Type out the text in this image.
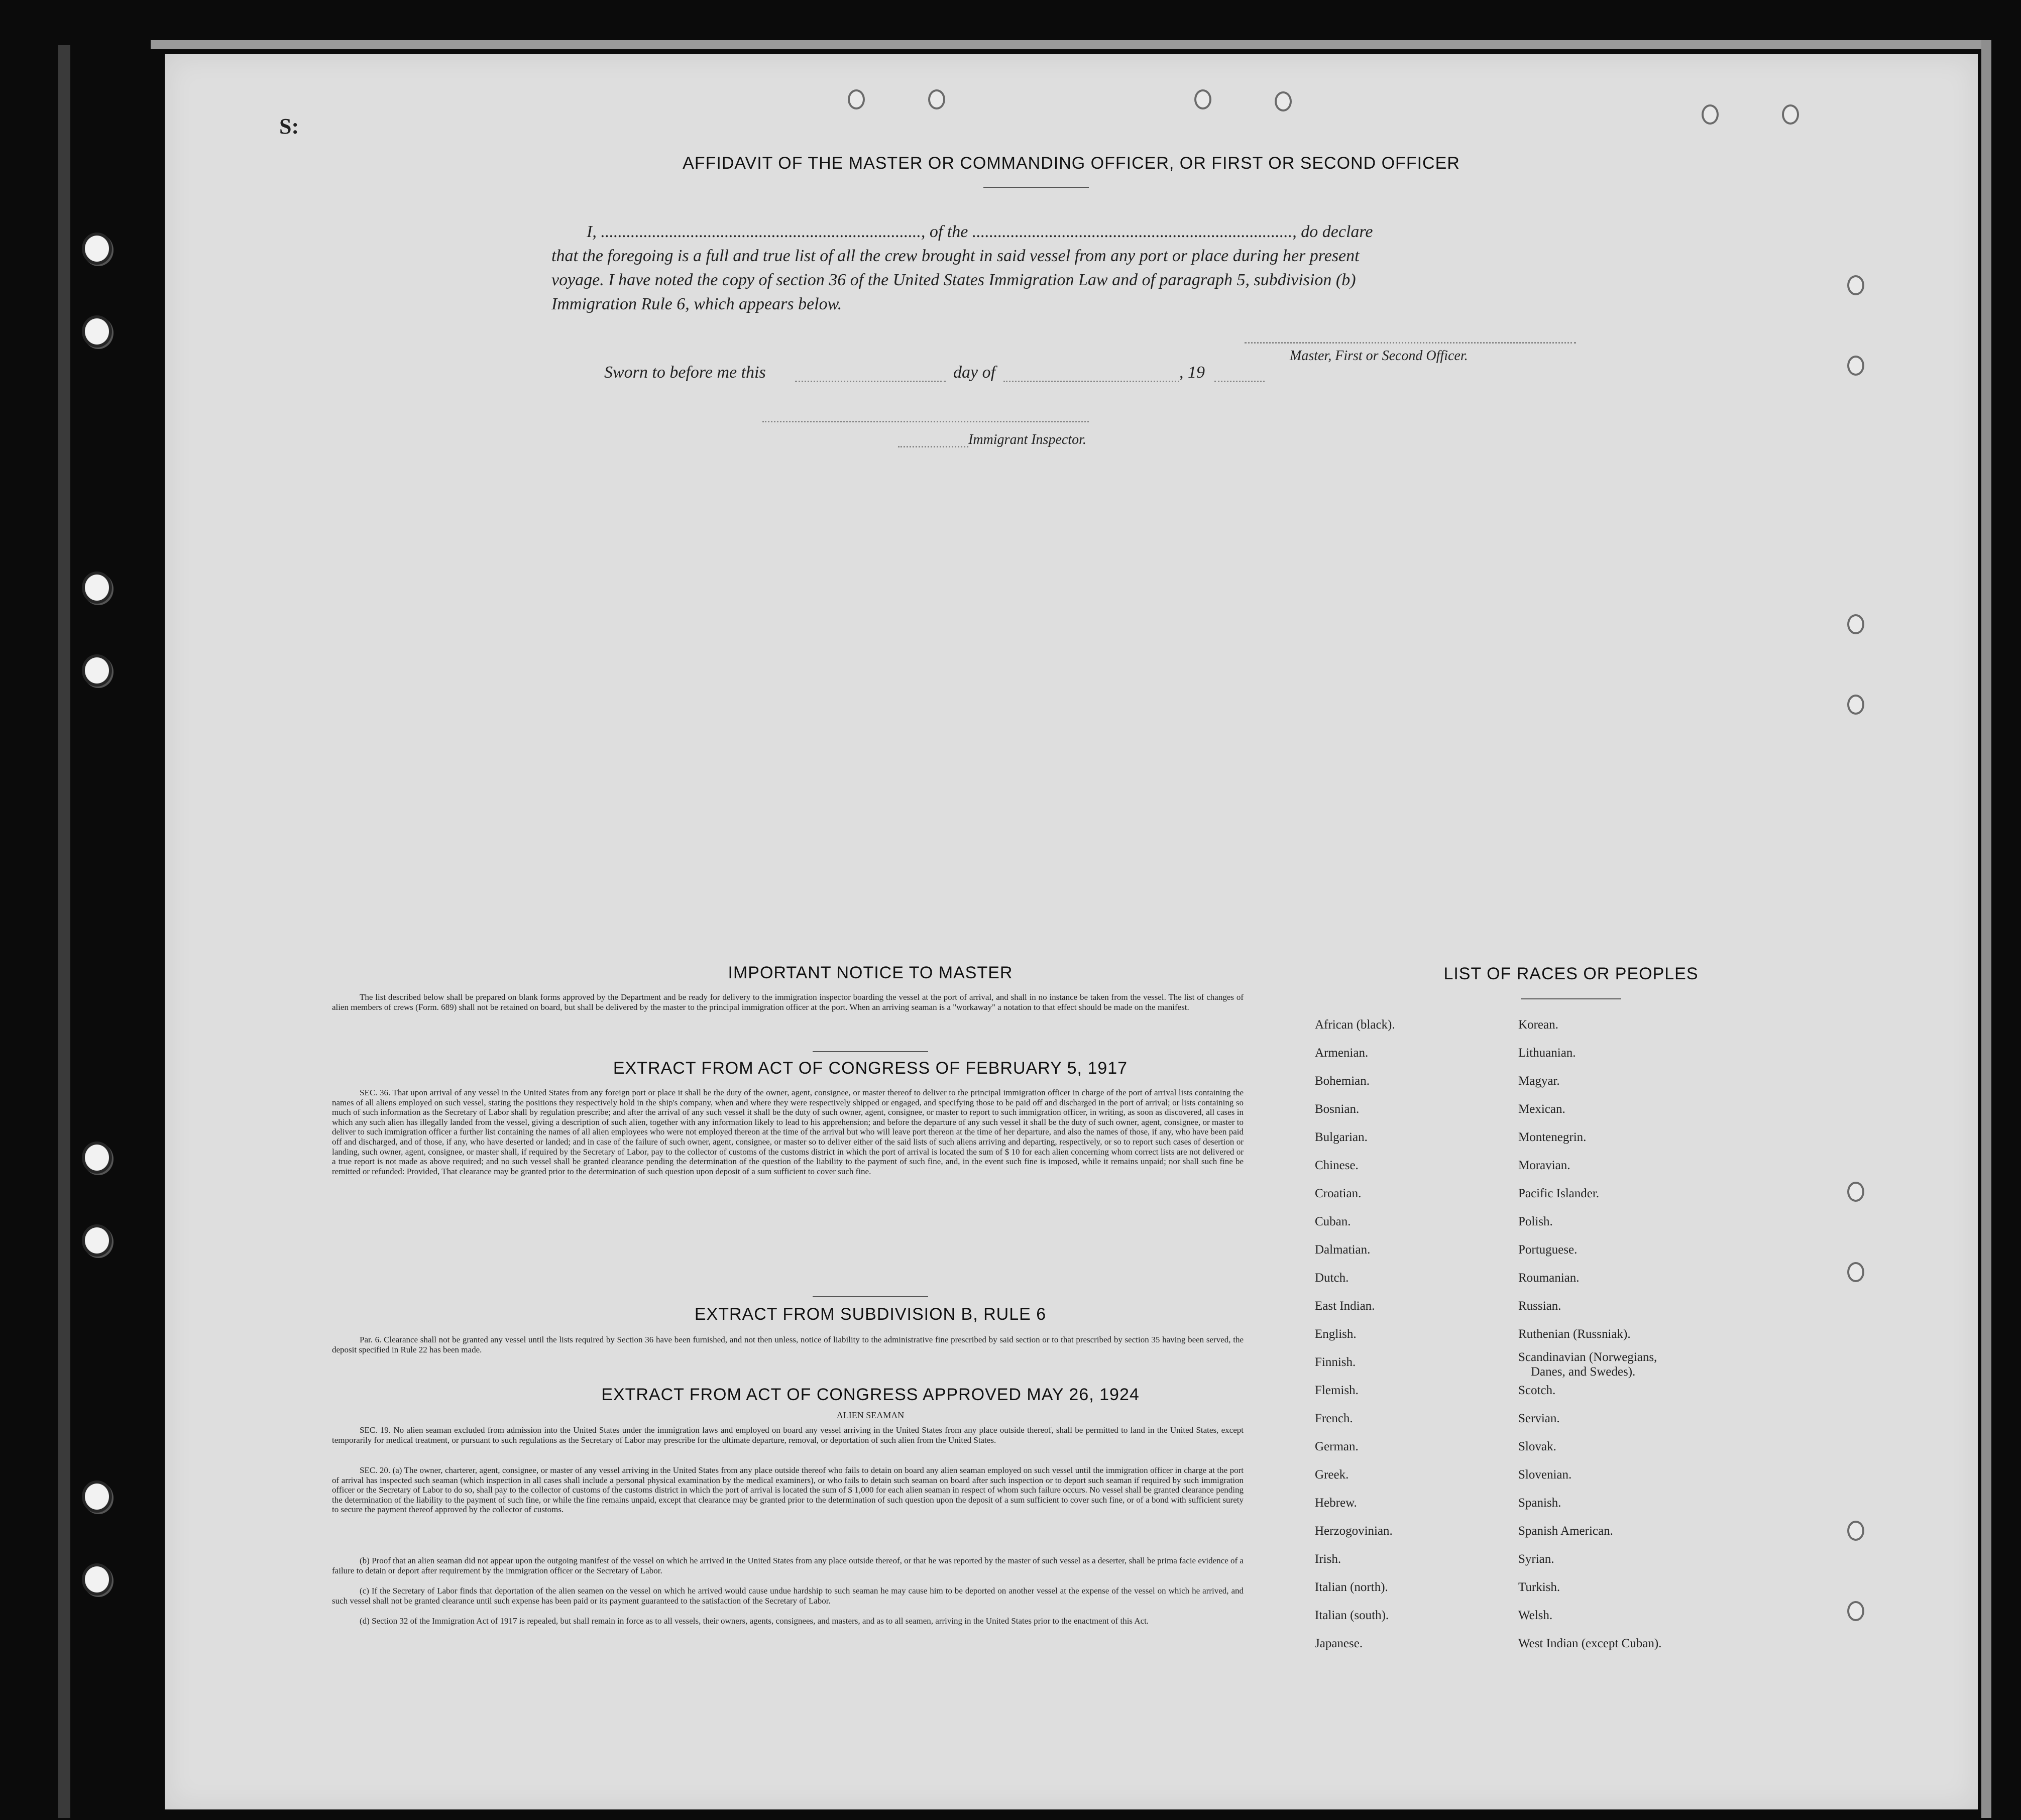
S:
AFFIDAVIT OF THE MASTER OR COMMANDING OFFICER, OR FIRST OR SECOND OFFICER
I, ..........................................................................., of the ..........................................................................., do declare
that the foregoing is a full and true list of all the crew brought in said vessel from any port or place during her present
voyage. I have noted the copy of section 36 of the United States Immigration Law and of paragraph 5, subdivision (b)
Immigration Rule 6, which appears below.
Master, First or Second Officer.
Sworn to before me this	day of	, 19
Immigrant Inspector.
IMPORTANT NOTICE TO MASTER
The list described below shall be prepared on blank forms approved by the Department and be ready for delivery to the immigration inspector boarding the vessel at the port of arrival, and shall in no instance be taken from the vessel. The list of changes of alien members of crews (Form. 689) shall not be retained on board, but shall be delivered by the master to the principal immigration officer at the port. When an arriving seaman is a "workaway" a notation to that effect should be made on the manifest.
EXTRACT FROM ACT OF CONGRESS OF FEBRUARY 5, 1917
SEC. 36. That upon arrival of any vessel in the United States from any foreign port or place it shall be the duty of the owner, agent, consignee, or master thereof to deliver to the principal immigration officer in charge of the port of arrival lists containing the names of all aliens employed on such vessel, stating the positions they respectively hold in the ship's company, when and where they were respectively shipped or engaged, and specifying those to be paid off and discharged in the port of arrival; or lists containing so much of such information as the Secretary of Labor shall by regulation prescribe; and after the arrival of any such vessel it shall be the duty of such owner, agent, consignee, or master to report to such immigration officer, in writing, as soon as discovered, all cases in which any such alien has illegally landed from the vessel, giving a description of such alien, together with any information likely to lead to his apprehension; and before the departure of any such vessel it shall be the duty of such owner, agent, consignee, or master to deliver to such immigration officer a further list containing the names of all alien employees who were not employed thereon at the time of the arrival but who will leave port thereon at the time of her departure, and also the names of those, if any, who have been paid off and discharged, and of those, if any, who have deserted or landed; and in case of the failure of such owner, agent, consignee, or master so to deliver either of the said lists of such aliens arriving and departing, respectively, or so to report such cases of desertion or landing, such owner, agent, consignee, or master shall, if required by the Secretary of Labor, pay to the collector of customs of the customs district in which the port of arrival is located the sum of $ 10 for each alien concerning whom correct lists are not delivered or a true report is not made as above required; and no such vessel shall be granted clearance pending the determination of the question of the liability to the payment of such fine, and, in the event such fine is imposed, while it remains unpaid; nor shall such fine be remitted or refunded: Provided, That clearance may be granted prior to the determination of such question upon deposit of a sum sufficient to cover such fine.
EXTRACT FROM SUBDIVISION B, RULE 6
Par. 6. Clearance shall not be granted any vessel until the lists required by Section 36 have been furnished, and not then unless, notice of liability to the administrative fine prescribed by said section or to that prescribed by section 35 having been served, the deposit specified in Rule 22 has been made.
EXTRACT FROM ACT OF CONGRESS APPROVED MAY 26, 1924
ALIEN SEAMAN
SEC. 19. No alien seaman excluded from admission into the United States under the immigration laws and employed on board any vessel arriving in the United States from any place outside thereof, shall be permitted to land in the United States, except temporarily for medical treatment, or pursuant to such regulations as the Secretary of Labor may prescribe for the ultimate departure, removal, or deportation of such alien from the United States.
SEC. 20. (a) The owner, charterer, agent, consignee, or master of any vessel arriving in the United States from any place outside thereof who fails to detain on board any alien seaman employed on such vessel until the immigration officer in charge at the port of arrival has inspected such seaman (which inspection in all cases shall include a personal physical examination by the medical examiners), or who fails to detain such seaman on board after such inspection or to deport such seaman if required by such immigration officer or the Secretary of Labor to do so, shall pay to the collector of customs of the customs district in which the port of arrival is located the sum of $ 1,000 for each alien seaman in respect of whom such failure occurs. No vessel shall be granted clearance pending the determination of the liability to the payment of such fine, or while the fine remains unpaid, except that clearance may be granted prior to the determination of such question upon the deposit of a sum sufficient to cover such fine, or of a bond with sufficient surety to secure the payment thereof approved by the collector of customs.
(b) Proof that an alien seaman did not appear upon the outgoing manifest of the vessel on which he arrived in the United States from any place outside thereof, or that he was reported by the master of such vessel as a deserter, shall be prima facie evidence of a failure to detain or deport after requirement by the immigration officer or the Secretary of Labor.
(c) If the Secretary of Labor finds that deportation of the alien seamen on the vessel on which he arrived would cause undue hardship to such seaman he may cause him to be deported on another vessel at the expense of the vessel on which he arrived, and such vessel shall not be granted clearance until such expense has been paid or its payment guaranteed to the satisfaction of the Secretary of Labor.
(d) Section 32 of the Immigration Act of 1917 is repealed, but shall remain in force as to all vessels, their owners, agents, consignees, and masters, and as to all seamen, arriving in the United States prior to the enactment of this Act.
LIST OF RACES OR PEOPLES
African (black).
Armenian.
Bohemian.
Bosnian.
Bulgarian.
Chinese.
Croatian.
Cuban.
Dalmatian.
Dutch.
East Indian.
English.
Finnish.
Flemish.
French.
German.
Greek.
Hebrew.
Herzogovinian.
Irish.
Italian (north).
Italian (south).
Japanese.
Korean.
Lithuanian.
Magyar.
Mexican.
Montenegrin.
Moravian.
Pacific Islander.
Polish.
Portuguese.
Roumanian.
Russian.
Ruthenian (Russniak).
Scandinavian (Norwegians,
Danes, and Swedes).
Scotch.
Servian.
Slovak.
Slovenian.
Spanish.
Spanish American.
Syrian.
Turkish.
Welsh.
West Indian (except Cuban).
